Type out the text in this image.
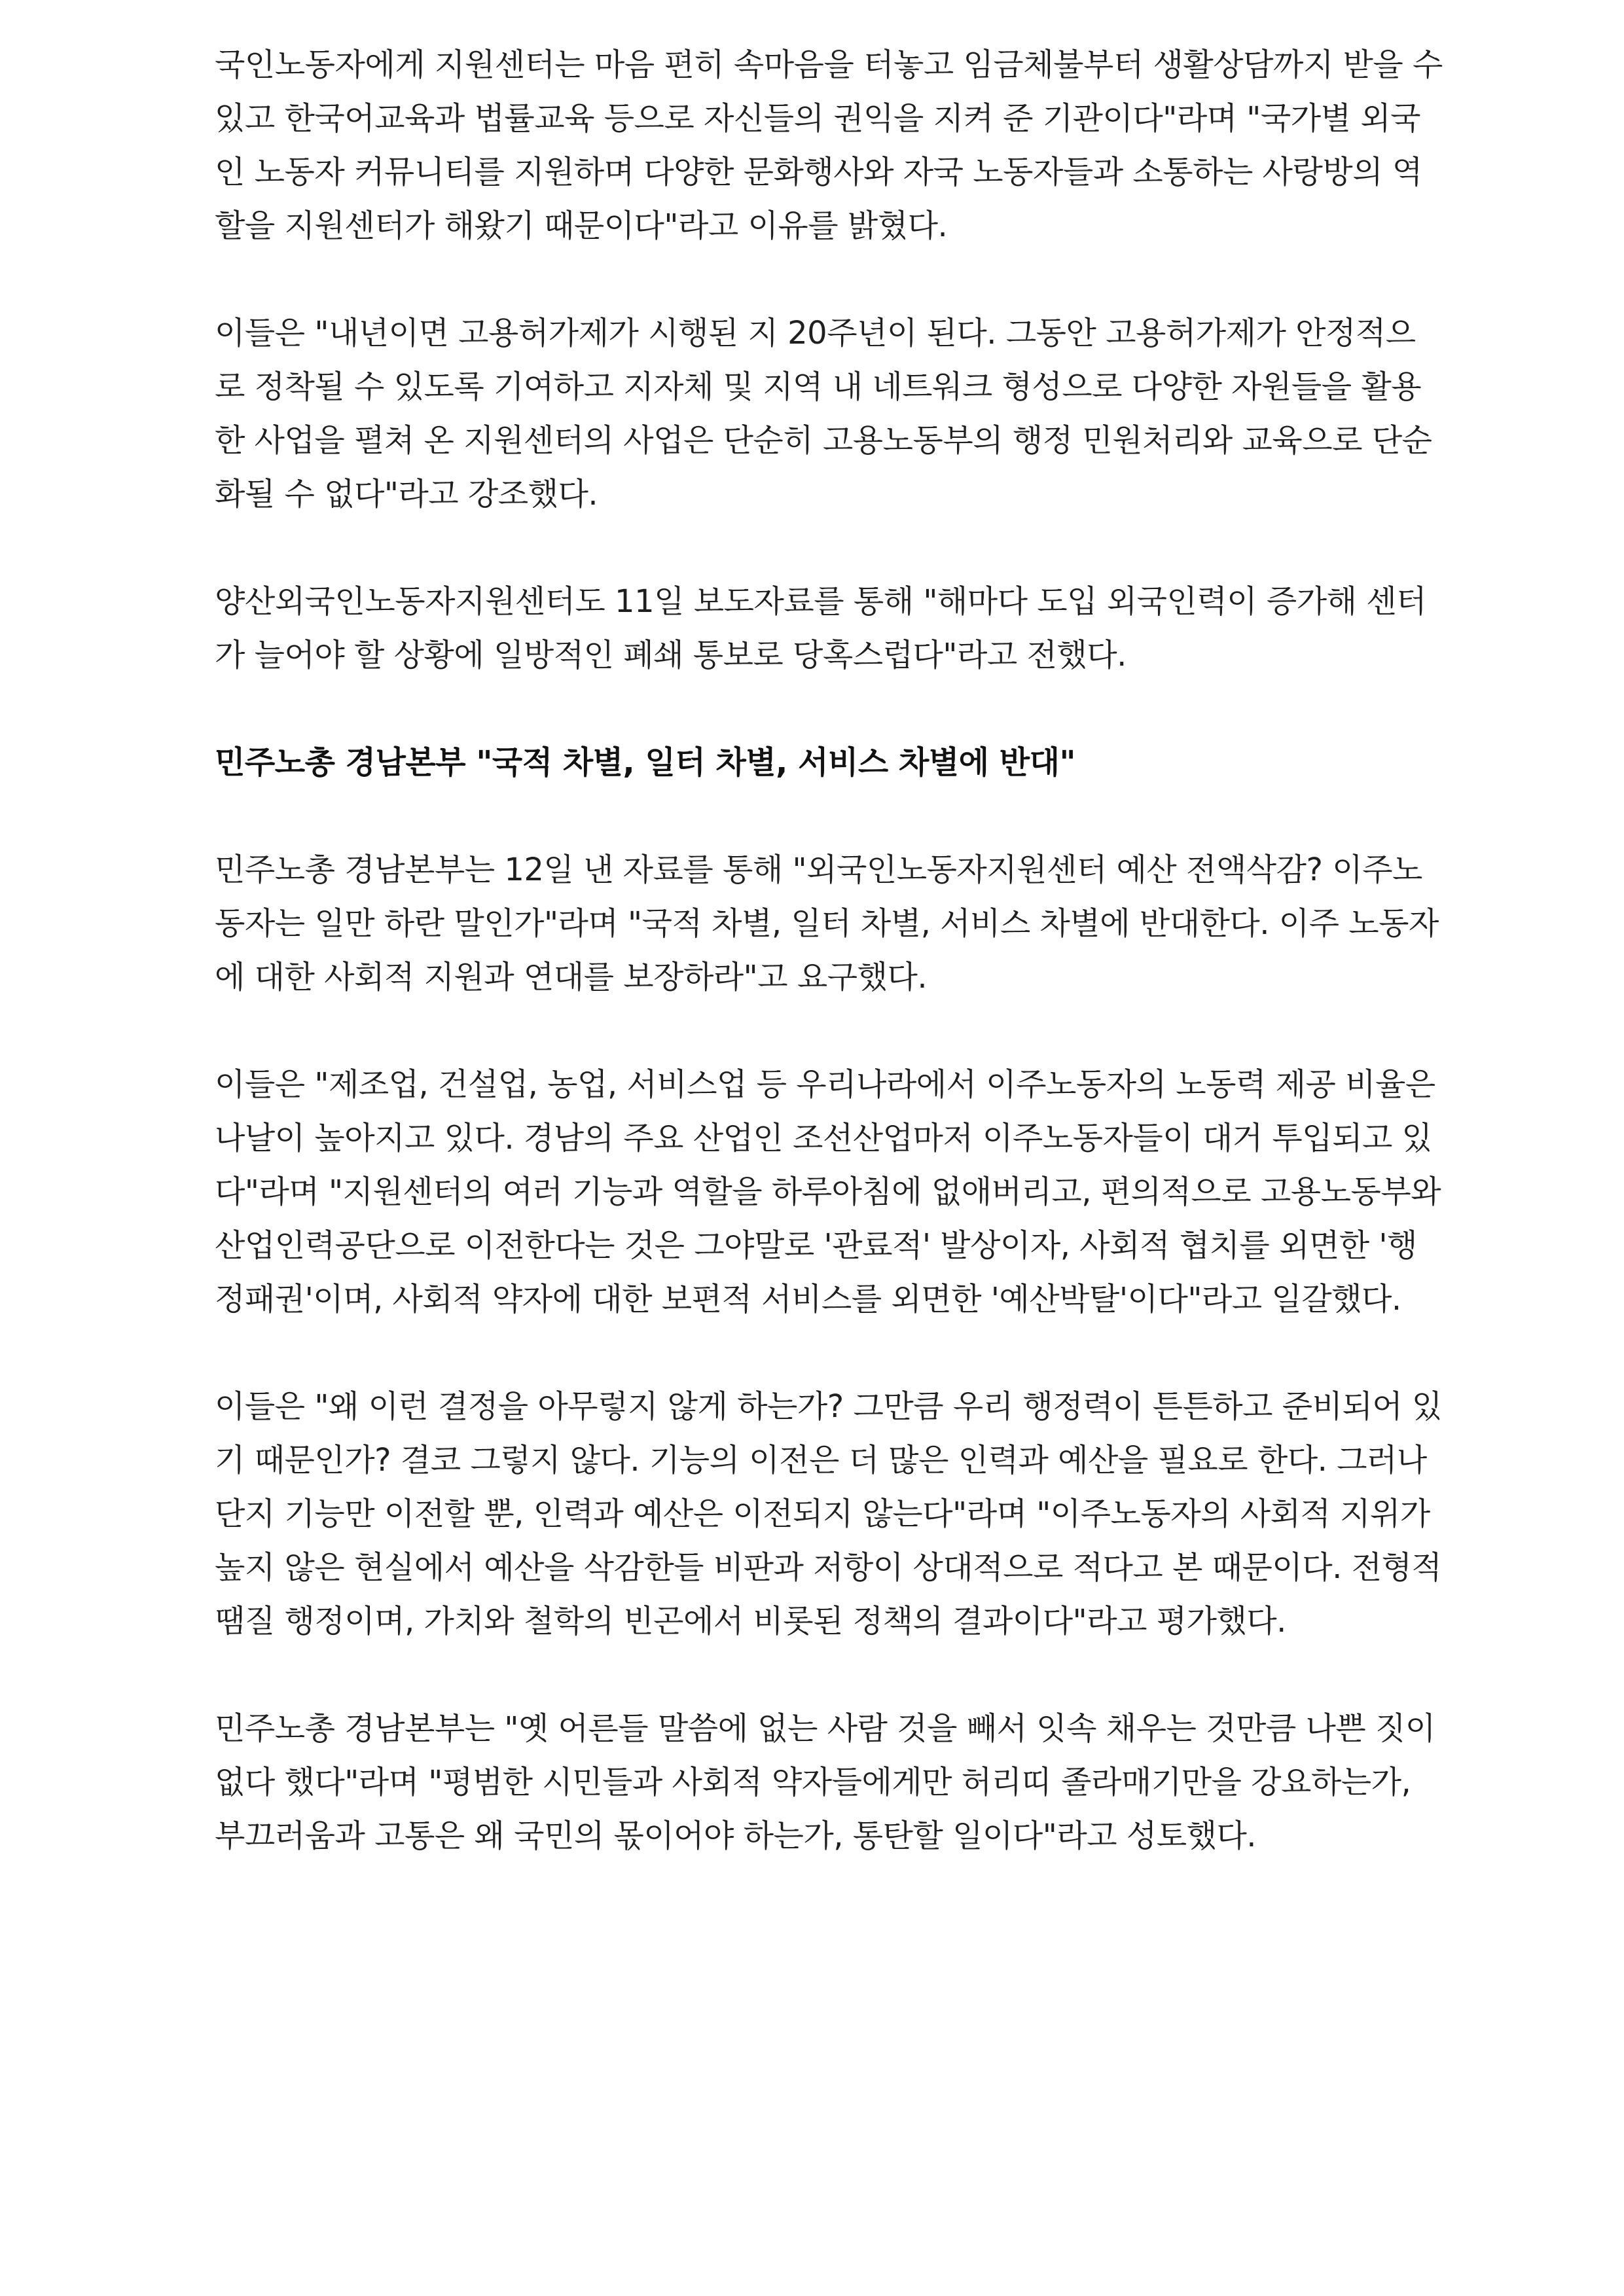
국인노동자에게 지원센터는 마음 편히 속마음을 터놓고 임금체불부터 생활상담까지 받을 수 있고 한국어교육과 법률교육 등으로 자신들의 권익을 지켜 준 기관이다"라며 "국가별 외국인 노동자 커뮤니티를 지원하며 다양한 문화행사와 자국 노동자들과 소통하는 사랑방의 역할을 지원센터가 해왔기 때문이다"라고 이유를 밝혔다.

이들은 "내년이면 고용허가제가 시행된 지 20주년이 된다. 그동안 고용허가제가 안정적으로 정착될 수 있도록 기여하고 지자체 및 지역 내 네트워크 형성으로 다양한 자원들을 활용한 사업을 펼쳐 온 지원센터의 사업은 단순히 고용노동부의 행정 민원처리와 교육으로 단순화될 수 없다"라고 강조했다.

양산외국인노동자지원센터도 11일 보도자료를 통해 "해마다 도입 외국인력이 증가해 센터가 늘어야 할 상황에 일방적인 폐쇄 통보로 당혹스럽다"라고 전했다.

민주노총 경남본부 "국적 차별, 일터 차별, 서비스 차별에 반대"

민주노총 경남본부는 12일 낸 자료를 통해 "외국인노동자지원센터 예산 전액삭감? 이주노동자는 일만 하란 말인가"라며 "국적 차별, 일터 차별, 서비스 차별에 반대한다. 이주 노동자에 대한 사회적 지원과 연대를 보장하라"고 요구했다.

이들은 "제조업, 건설업, 농업, 서비스업 등 우리나라에서 이주노동자의 노동력 제공 비율은 나날이 높아지고 있다. 경남의 주요 산업인 조선산업마저 이주노동자들이 대거 투입되고 있다"라며 "지원센터의 여러 기능과 역할을 하루아침에 없애버리고, 편의적으로 고용노동부와 산업인력공단으로 이전한다는 것은 그야말로 '관료적' 발상이자, 사회적 협치를 외면한 '행정패권'이며, 사회적 약자에 대한 보편적 서비스를 외면한 '예산박탈'이다"라고 일갈했다.

이들은 "왜 이런 결정을 아무렇지 않게 하는가? 그만큼 우리 행정력이 튼튼하고 준비되어 있기 때문인가? 결코 그렇지 않다. 기능의 이전은 더 많은 인력과 예산을 필요로 한다. 그러나 단지 기능만 이전할 뿐, 인력과 예산은 이전되지 않는다"라며 "이주노동자의 사회적 지위가 높지 않은 현실에서 예산을 삭감한들 비판과 저항이 상대적으로 적다고 본 때문이다. 전형적 땜질 행정이며, 가치와 철학의 빈곤에서 비롯된 정책의 결과이다"라고 평가했다.

민주노총 경남본부는 "옛 어른들 말씀에 없는 사람 것을 빼서 잇속 채우는 것만큼 나쁜 짓이 없다 했다"라며 "평범한 시민들과 사회적 약자들에게만 허리띠 졸라매기만을 강요하는가, 부끄러움과 고통은 왜 국민의 몫이어야 하는가, 통탄할 일이다"라고 성토했다.
